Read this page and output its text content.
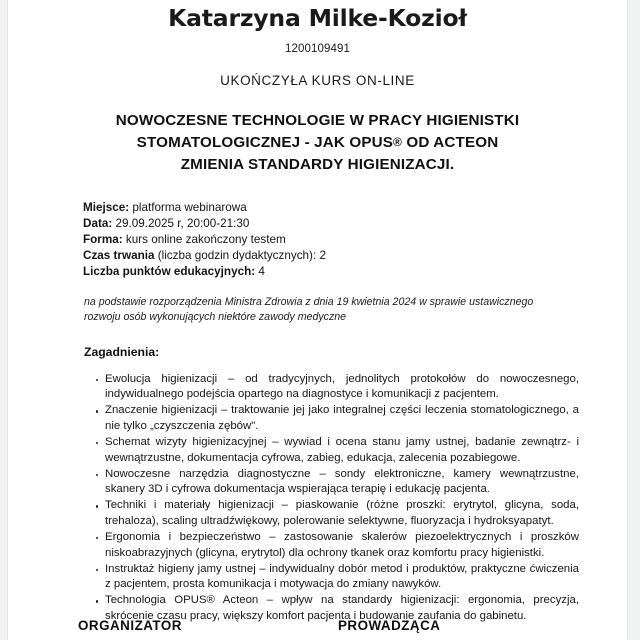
Katarzyna Milke-Kozioł
1200109491
UKOŃCZYŁA KURS ON-LINE
NOWOCZESNE TECHNOLOGIE W PRACY HIGIENISTKI
STOMATOLOGICZNEJ - JAK OPUS® OD ACTEON
ZMIENIA STANDARDY HIGIENIZACJI.
Miejsce: platforma webinarowa
Data: 29.09.2025 r, 20:00-21:30
Forma: kurs online zakończony testem
Czas trwania (liczba godzin dydaktycznych): 2
Liczba punktów edukacyjnych: 4
na podstawie rozporządzenia Ministra Zdrowia z dnia 19 kwietnia 2024 w sprawie ustawicznego rozwoju osób wykonujących niektóre zawody medyczne
Zagadnienia:
Ewolucja higienizacji – od tradycyjnych, jednolitych protokołów do nowoczesnego, indywidualnego podejścia opartego na diagnostyce i komunikacji z pacjentem.
Znaczenie higienizacji – traktowanie jej jako integralnej części leczenia stomatologicznego, a nie tylko „czyszczenia zębów".
Schemat wizyty higienizacyjnej – wywiad i ocena stanu jamy ustnej, badanie zewnątrz- i wewnątrzustne, dokumentacja cyfrowa, zabieg, edukacja, zalecenia pozabiegowe.
Nowoczesne narzędzia diagnostyczne – sondy elektroniczne, kamery wewnątrzustne, skanery 3D i cyfrowa dokumentacja wspierająca terapię i edukację pacjenta.
Techniki i materiały higienizacji – piaskowanie (różne proszki: erytrytol, glicyna, soda, trehaloza), scaling ultradźwiękowy, polerowanie selektywne, fluoryzacja i hydroksyapatyt.
Ergonomia i bezpieczeństwo – zastosowanie skalerów piezoelektrycznych i proszków niskoabrazyjnych (glicyna, erytrytol) dla ochrony tkanek oraz komfortu pracy higienistki.
Instruktaż higieny jamy ustnej – indywidualny dobór metod i produktów, praktyczne ćwiczenia z pacjentem, prosta komunikacja i motywacja do zmiany nawyków.
Technologia OPUS® Acteon – wpływ na standardy higienizacji: ergonomia, precyzja, skrócenie czasu pracy, większy komfort pacjenta i budowanie zaufania do gabinetu.
ORGANIZATOR	PROWADZĄCA
